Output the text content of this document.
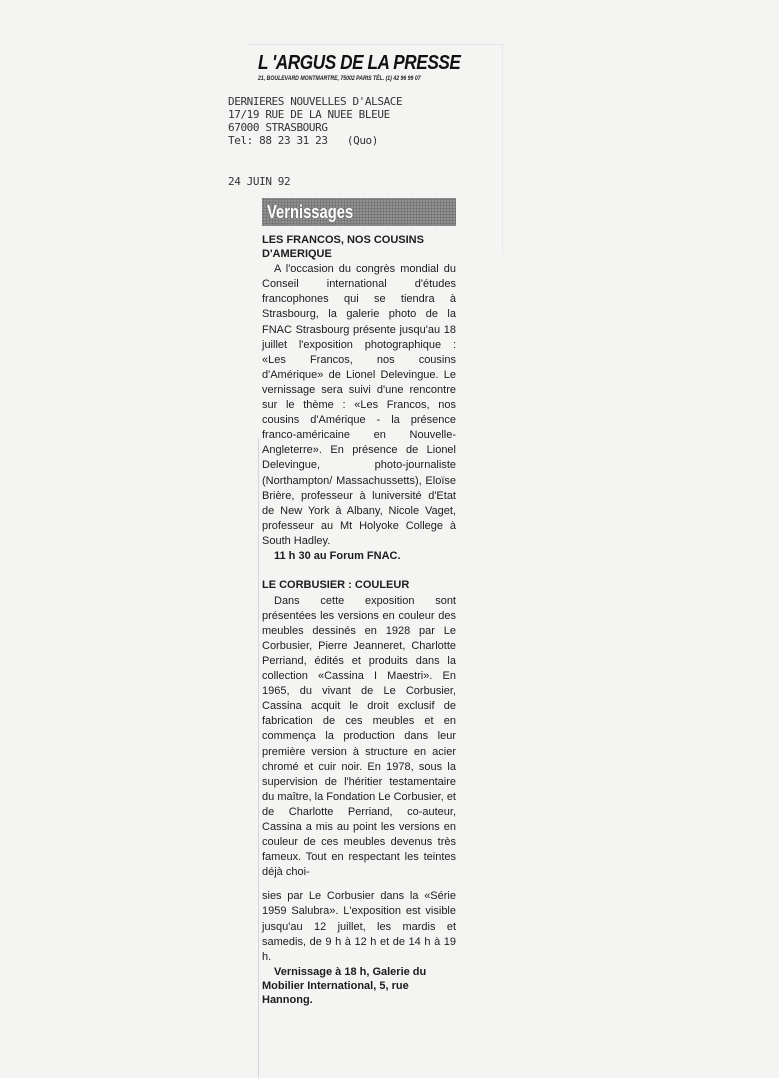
L 'ARGUS DE LA PRESSE
21, BOULEVARD MONTMARTRE, 75002 PARIS TÉL. (1) 42 96 99 07
DERNIERES NOUVELLES D'ALSACE
17/19 RUE DE LA NUEE BLEUE
67000 STRASBOURG
Tel: 88 23 31 23 (Quo)
24 JUIN 92
Vernissages
LES FRANCOS, NOS COUSINS D'AMERIQUE

A l'occasion du congrès mondial du Conseil international d'études francophones qui se tiendra à Strasbourg, la galerie photo de la FNAC Strasbourg présente jusqu'au 18 juillet l'exposition photographique : «Les Francos, nos cousins d'Amérique» de Lionel Delevingue. Le vernissage sera suivi d'une rencontre sur le thème : «Les Francos, nos cousins d'Amérique - la présence franco-américaine en Nouvelle-Angleterre». En présence de Lionel Delevingue, photo-journaliste (Northampton/ Massachussetts), Eloïse Brière, professeur à luniversité d'Etat de New York à Albany, Nicole Vaget, professeur au Mt Holyoke College à South Hadley.

11 h 30 au Forum FNAC.

LE CORBUSIER : COULEUR

Dans cette exposition sont présentées les versions en couleur des meubles dessinés en 1928 par Le Corbusier, Pierre Jeanneret, Charlotte Perriand, édités et produits dans la collection «Cassina I Maestri». En 1965, du vivant de Le Corbusier, Cassina acquit le droit exclusif de fabrication de ces meubles et en commença la production dans leur première version à structure en acier chromé et cuir noir. En 1978, sous la supervision de l'héritier testamentaire du maître, la Fondation Le Corbusier, et de Charlotte Perriand, co-auteur, Cassina a mis au point les versions en couleur de ces meubles devenus très fameux. Tout en respectant les teintes déjà choi-

sies par Le Corbusier dans la «Série 1959 Salubra». L'exposition est visible jusqu'au 12 juillet, les mardis et samedis, de 9 h à 12 h et de 14 h à 19 h.

Vernissage à 18 h, Galerie du Mobilier International, 5, rue Hannong.
